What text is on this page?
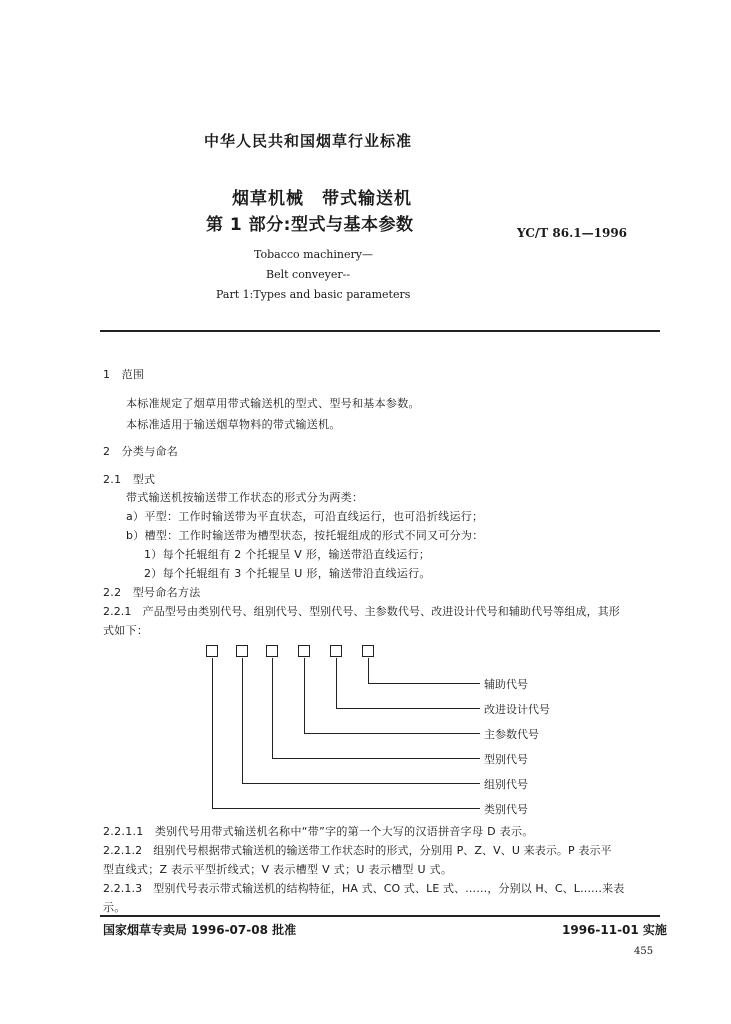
中华人民共和国烟草行业标准
烟草机械　带式输送机
第 1 部分:型式与基本参数	YC/T 86.1—1996
Tobacco machinery—
Belt conveyer--
Part 1:Types and basic parameters
1　范围
本标准规定了烟草用带式输送机的型式、型号和基本参数。
本标准适用于输送烟草物料的带式输送机。
2　分类与命名
2.1　型式
带式输送机按输送带工作状态的形式分为两类：
a）平型：工作时输送带为平直状态，可沿直线运行，也可沿折线运行；
b）槽型：工作时输送带为槽型状态，按托辊组成的形式不同又可分为：
1）每个托辊组有 2 个托辊呈 V 形，输送带沿直线运行；
2）每个托辊组有 3 个托辊呈 U 形，输送带沿直线运行。
2.2　型号命名方法
2.2.1　产品型号由类别代号、组别代号、型别代号、主参数代号、改进设计代号和辅助代号等组成，其形
式如下：
辅助代号
改进设计代号
主参数代号
型别代号
组别代号
类别代号
2.2.1.1　类别代号用带式输送机名称中“带”字的第一个大写的汉语拼音字母 D 表示。
2.2.1.2　组别代号根据带式输送机的输送带工作状态时的形式，分别用 P、Z、V、U 来表示。P 表示平
型直线式；Z 表示平型折线式；V 表示槽型 V 式；U 表示槽型 U 式。
2.2.1.3　型别代号表示带式输送机的结构特征，HA 式、CO 式、LE 式、……，分别以 H、C、L……来表
示。
国家烟草专卖局 1996-07-08 批准	1996-11-01 实施
455
